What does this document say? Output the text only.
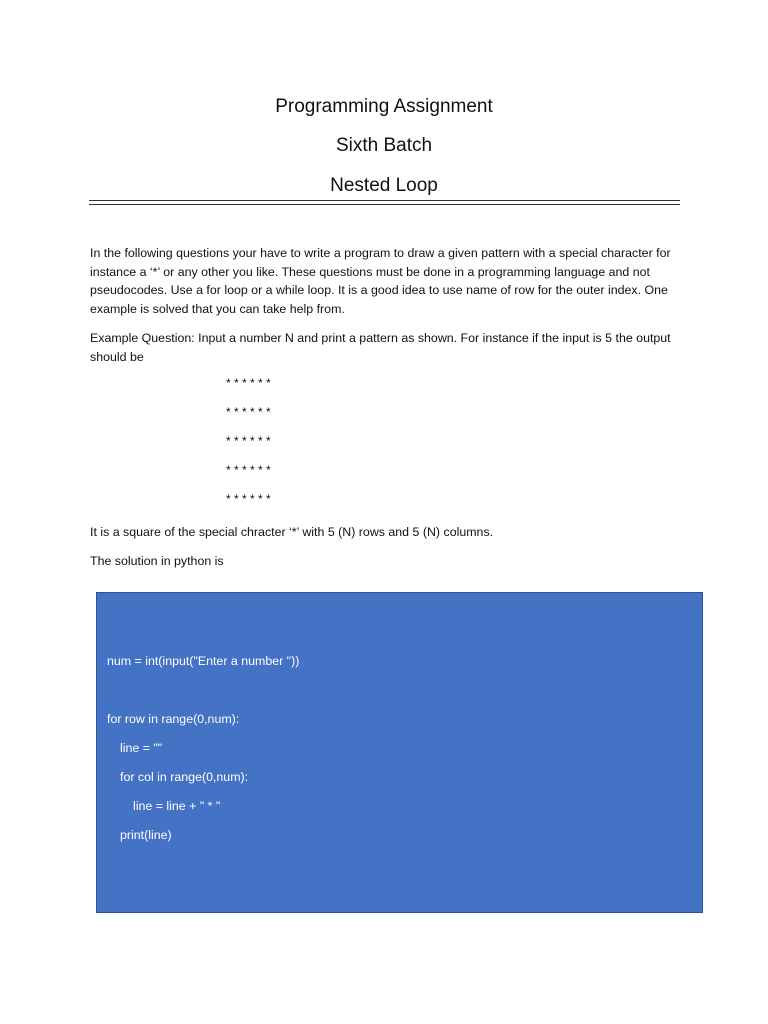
Programming Assignment
Sixth Batch
Nested Loop

In the following questions your have to write a program to draw a given pattern with a special character for instance a ‘*’ or any other you like. These questions must be done in a programming language and not pseudocodes. Use a for loop or a while loop. It is a good idea to use name of row for the outer index. One example is solved that you can take help from.

Example Question: Input a number N and print a pattern as shown. For instance if the input is 5 the output should be

* * * * * *
* * * * * *
* * * * * *
* * * * * *
* * * * * *

It is a square of the special chracter ‘*’ with 5 (N) rows and 5 (N) columns.

The solution in python is

num = int(input("Enter a number "))
for row in range(0,num):
line = ""
for col in range(0,num):
line = line + " * "
print(line)
